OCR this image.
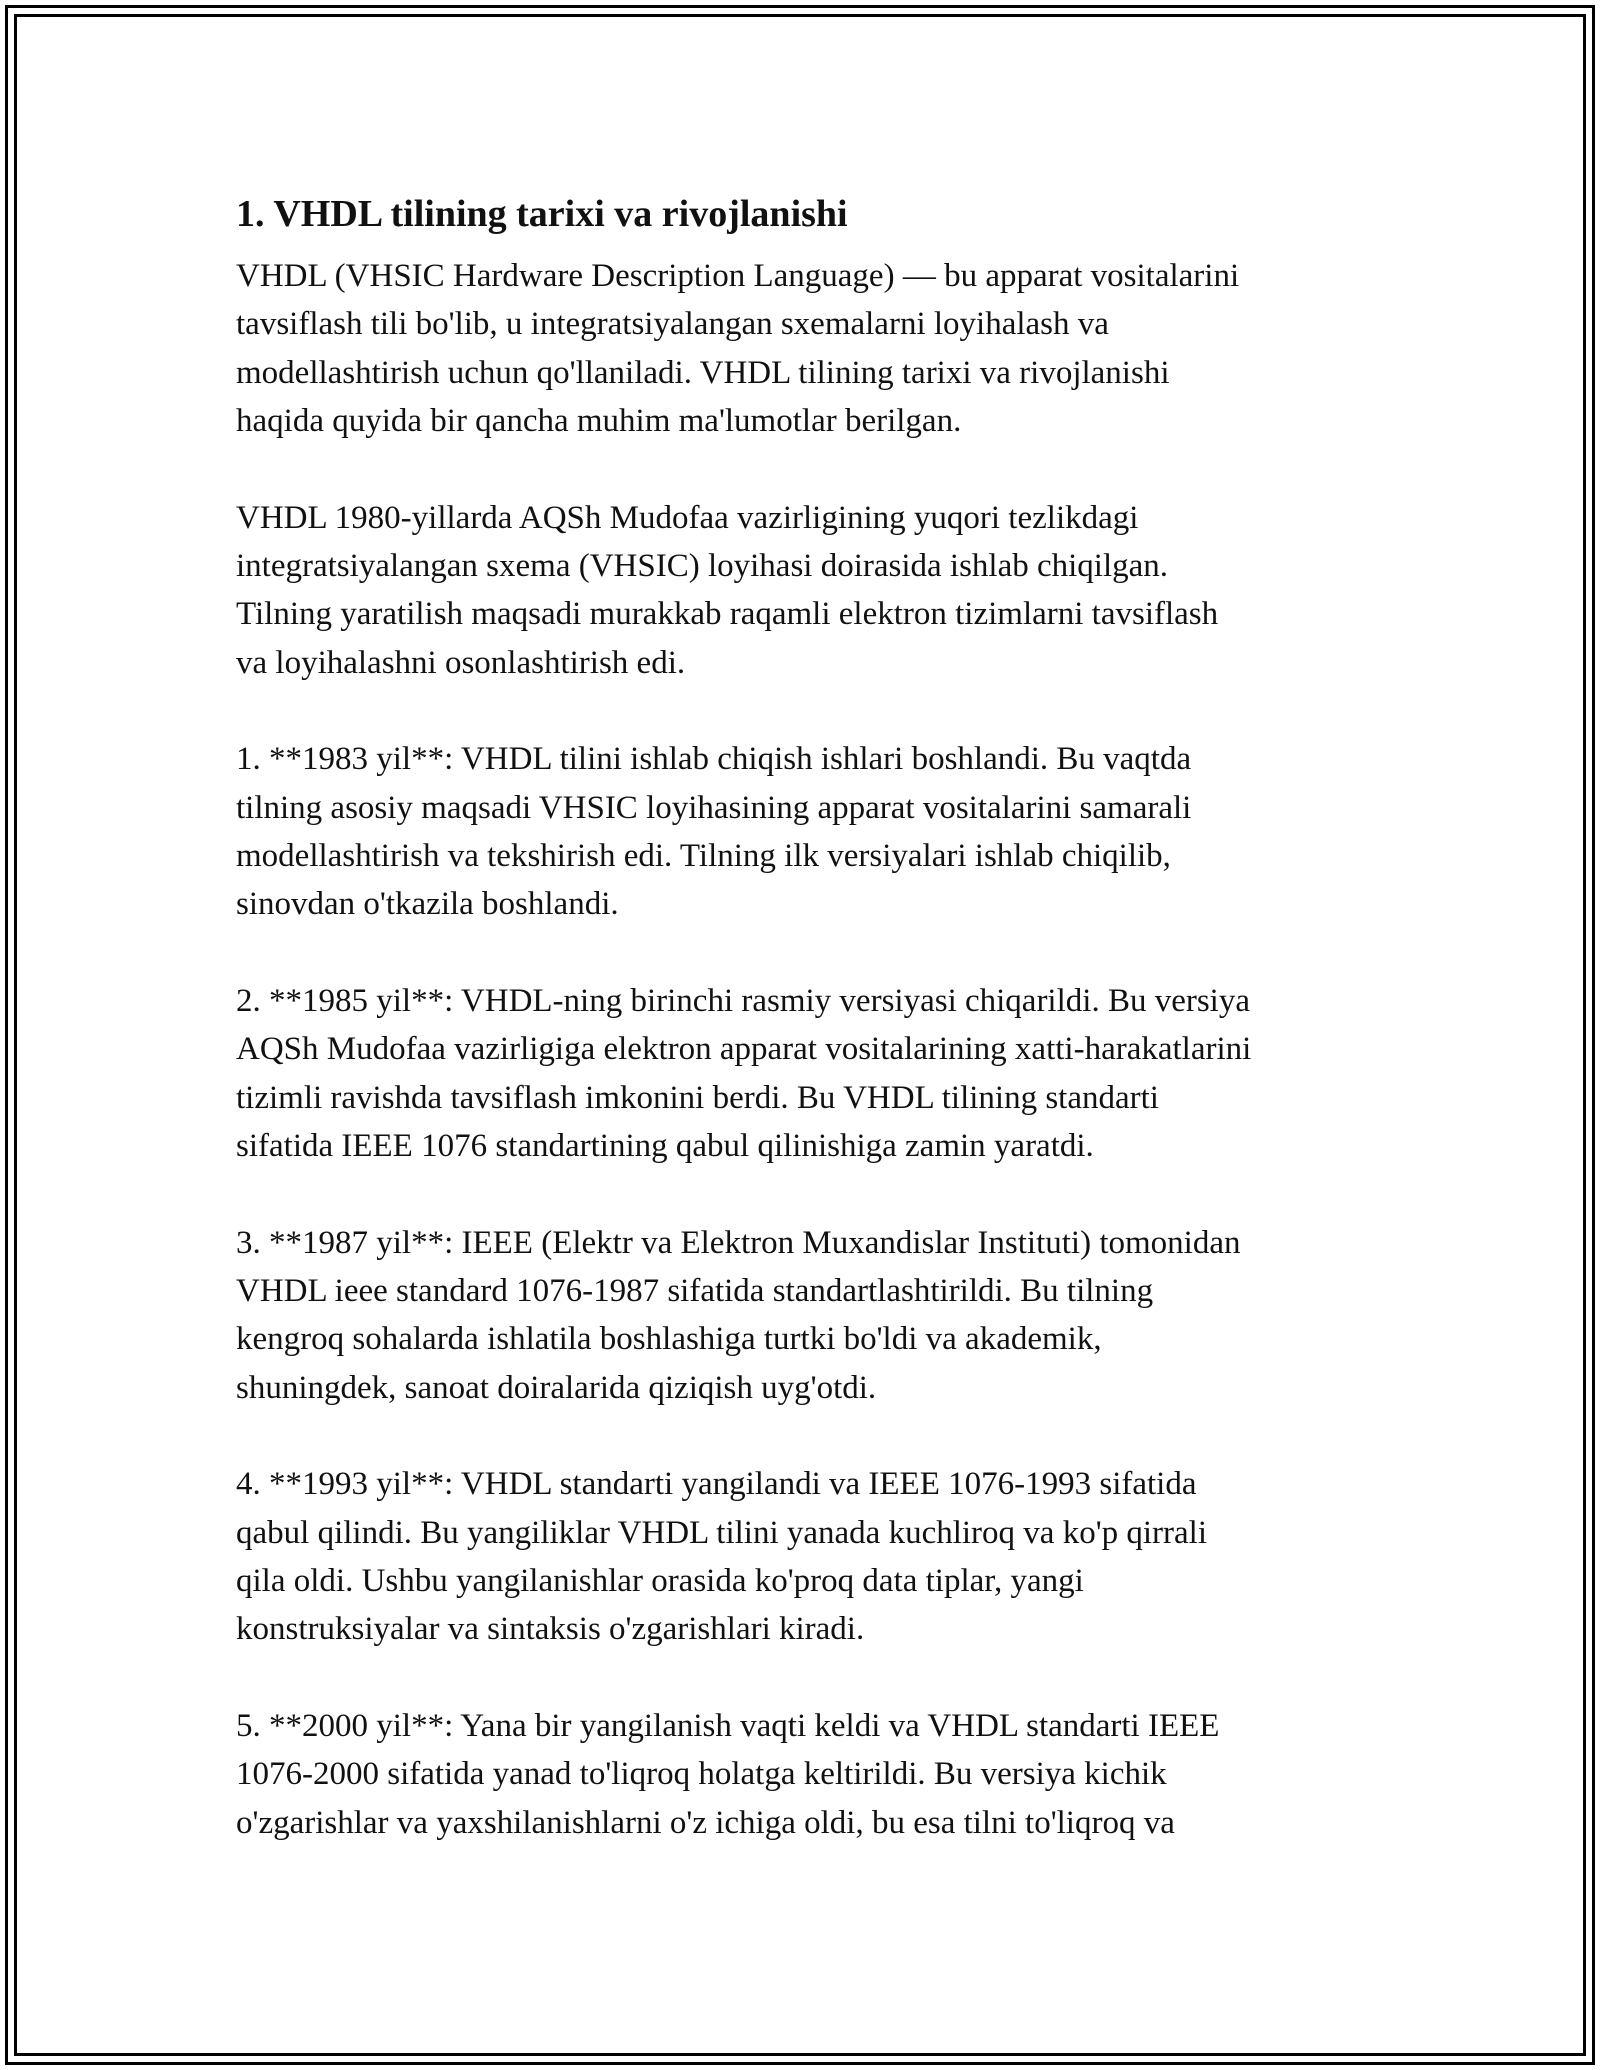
1. VHDL tilining tarixi va rivojlanishi

VHDL (VHSIC Hardware Description Language) — bu apparat vositalarini
tavsiflash tili bo'lib, u integratsiyalangan sxemalarni loyihalash va
modellashtirish uchun qo'llaniladi. VHDL tilining tarixi va rivojlanishi
haqida quyida bir qancha muhim ma'lumotlar berilgan.

VHDL 1980-yillarda AQSh Mudofaa vazirligining yuqori tezlikdagi
integratsiyalangan sxema (VHSIC) loyihasi doirasida ishlab chiqilgan.
Tilning yaratilish maqsadi murakkab raqamli elektron tizimlarni tavsiflash
va loyihalashni osonlashtirish edi.

1. **1983 yil**: VHDL tilini ishlab chiqish ishlari boshlandi. Bu vaqtda
tilning asosiy maqsadi VHSIC loyihasining apparat vositalarini samarali
modellashtirish va tekshirish edi. Tilning ilk versiyalari ishlab chiqilib,
sinovdan o'tkazila boshlandi.

2. **1985 yil**: VHDL-ning birinchi rasmiy versiyasi chiqarildi. Bu versiya
AQSh Mudofaa vazirligiga elektron apparat vositalarining xatti-harakatlarini
tizimli ravishda tavsiflash imkonini berdi. Bu VHDL tilining standarti
sifatida IEEE 1076 standartining qabul qilinishiga zamin yaratdi.

3. **1987 yil**: IEEE (Elektr va Elektron Muxandislar Instituti) tomonidan
VHDL ieee standard 1076-1987 sifatida standartlashtirildi. Bu tilning
kengroq sohalarda ishlatila boshlashiga turtki bo'ldi va akademik,
shuningdek, sanoat doiralarida qiziqish uyg'otdi.

4. **1993 yil**: VHDL standarti yangilandi va IEEE 1076-1993 sifatida
qabul qilindi. Bu yangiliklar VHDL tilini yanada kuchliroq va ko'p qirrali
qila oldi. Ushbu yangilanishlar orasida ko'proq data tiplar, yangi
konstruksiyalar va sintaksis o'zgarishlari kiradi.

5. **2000 yil**: Yana bir yangilanish vaqti keldi va VHDL standarti IEEE
1076-2000 sifatida yanad to'liqroq holatga keltirildi. Bu versiya kichik
o'zgarishlar va yaxshilanishlarni o'z ichiga oldi, bu esa tilni to'liqroq va
